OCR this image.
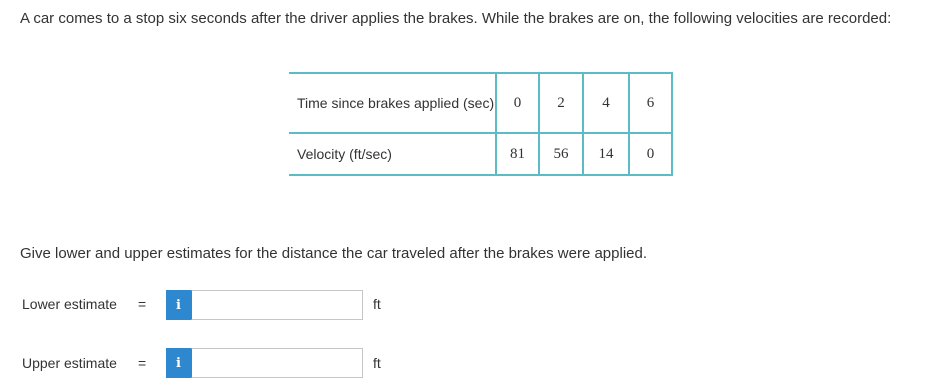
A car comes to a stop six seconds after the driver applies the brakes. While the brakes are on, the following velocities are recorded:
Time since brakes applied (sec)	0	2	4	6
Velocity (ft/sec)	81	56	14	0
Give lower and upper estimates for the distance the car traveled after the brakes were applied.
Lower estimate =	i	ft
Upper estimate =	i	ft
